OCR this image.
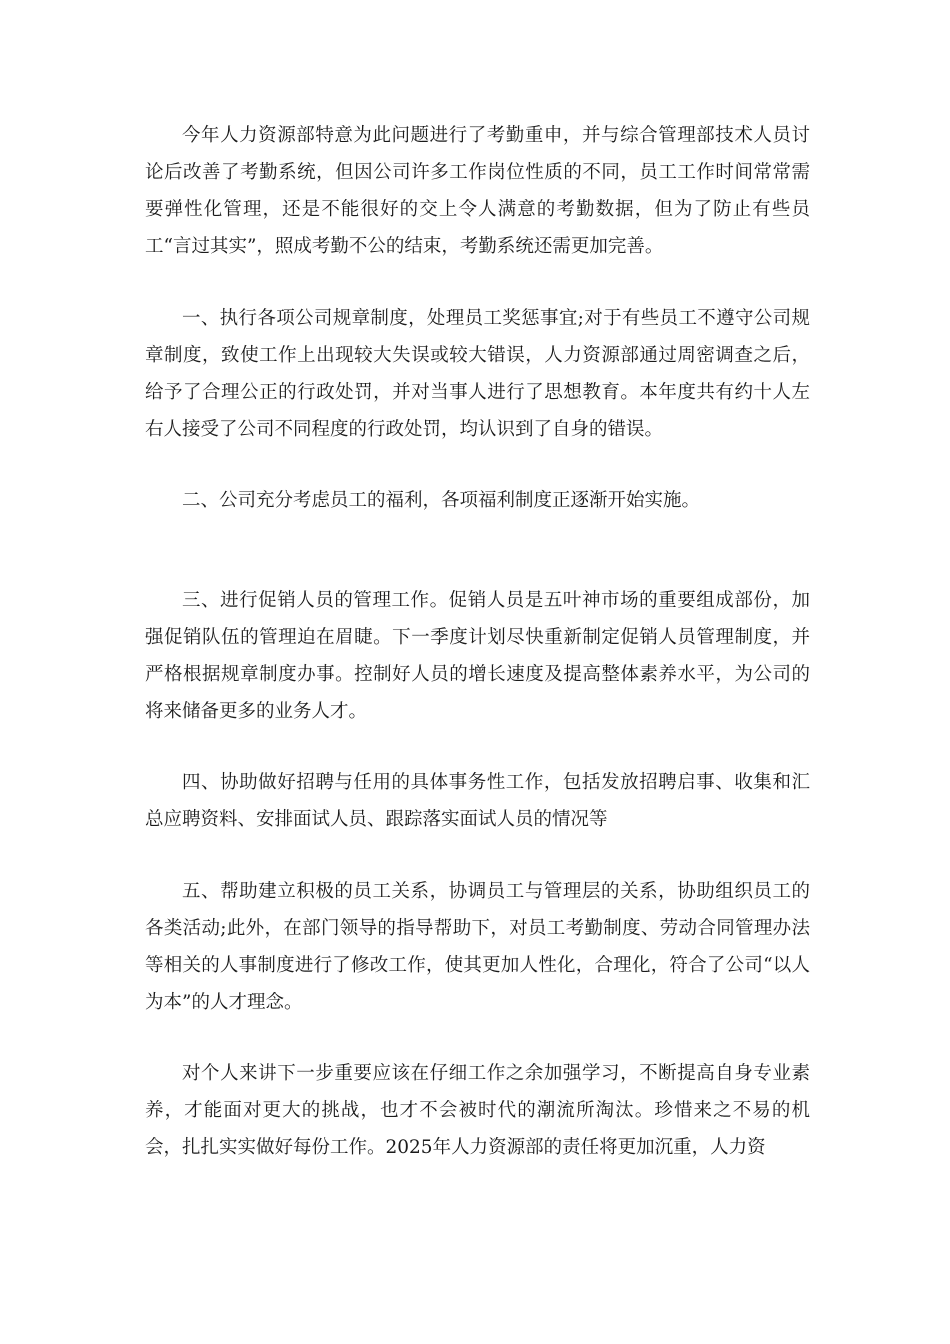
今年人力资源部特意为此问题进行了考勤重申，并与综合管理部技术人员讨论后改善了考勤系统，但因公司许多工作岗位性质的不同，员工工作时间常常需要弹性化管理，还是不能很好的交上令人满意的考勤数据，但为了防止有些员工“言过其实”，照成考勤不公的结束，考勤系统还需更加完善。

一、执行各项公司规章制度，处理员工奖惩事宜;对于有些员工不遵守公司规章制度，致使工作上出现较大失误或较大错误，人力资源部通过周密调查之后，给予了合理公正的行政处罚，并对当事人进行了思想教育。本年度共有约十人左右人接受了公司不同程度的行政处罚，均认识到了自身的错误。

二、公司充分考虑员工的福利，各项福利制度正逐渐开始实施。

三、进行促销人员的管理工作。促销人员是五叶神市场的重要组成部份，加强促销队伍的管理迫在眉睫。下一季度计划尽快重新制定促销人员管理制度，并严格根据规章制度办事。控制好人员的增长速度及提高整体素养水平，为公司的将来储备更多的业务人才。

四、协助做好招聘与任用的具体事务性工作，包括发放招聘启事、收集和汇总应聘资料、安排面试人员、跟踪落实面试人员的情况等

五、帮助建立积极的员工关系，协调员工与管理层的关系，协助组织员工的各类活动;此外，在部门领导的指导帮助下，对员工考勤制度、劳动合同管理办法等相关的人事制度进行了修改工作，使其更加人性化，合理化，符合了公司“以人为本”的人才理念。

对个人来讲下一步重要应该在仔细工作之余加强学习，不断提高自身专业素养，才能面对更大的挑战，也才不会被时代的潮流所淘汰。珍惜来之不易的机会，扎扎实实做好每份工作。2025年人力资源部的责任将更加沉重，人力资
